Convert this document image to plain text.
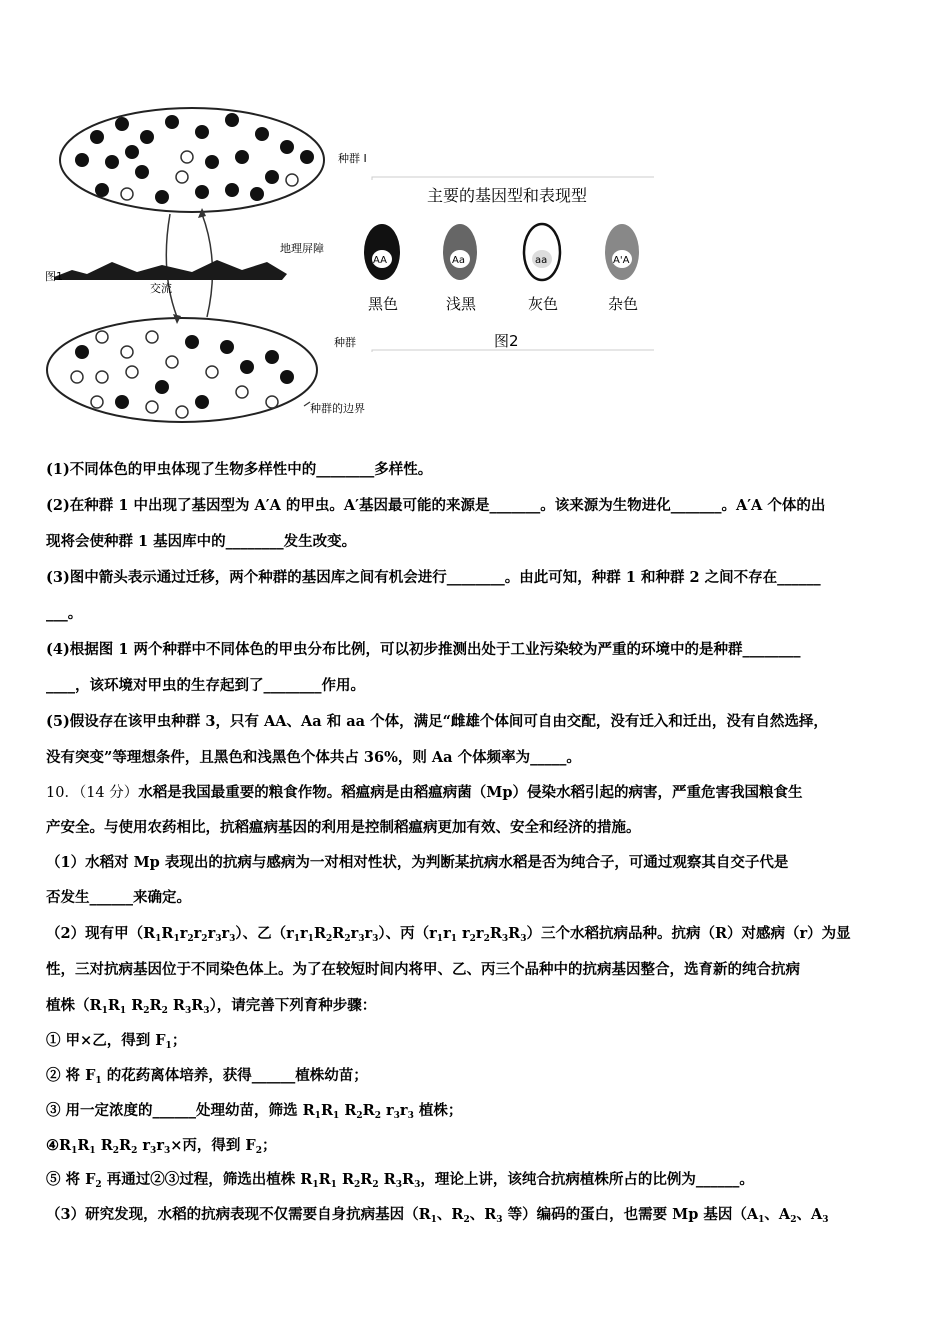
种群 I
图1
地理屏障
交流
种群
种群的边界
主要的基因型和表现型
AA
黑色
Aa
浅黑
aa
灰色
A'A
杂色
图2
(1)不同体色的甲虫体现了生物多样性中的________多样性。
(2)在种群 1 中出现了基因型为 A′A 的甲虫。A′基因最可能的来源是_______。该来源为生物进化_______。A′A 个体的出
现将会使种群 1 基因库中的________发生改变。
(3)图中箭头表示通过迁移，两个种群的基因库之间有机会进行________。由此可知，种群 1 和种群 2 之间不存在______
___。
(4)根据图 1 两个种群中不同体色的甲虫分布比例，可以初步推测出处于工业污染较为严重的环境中的是种群________
____，该环境对甲虫的生存起到了________作用。
(5)假设存在该甲虫种群 3，只有 AA、Aa 和 aa 个体，满足“雌雄个体间可自由交配，没有迁入和迁出，没有自然选择，
没有突变”等理想条件，且黑色和浅黑色个体共占 36%，则 Aa 个体频率为_____。
10．（14 分）水稻是我国最重要的粮食作物。稻瘟病是由稻瘟病菌（Mp）侵染水稻引起的病害，严重危害我国粮食生
产安全。与使用农药相比，抗稻瘟病基因的利用是控制稻瘟病更加有效、安全和经济的措施。
（1）水稻对 Mp 表现出的抗病与感病为一对相对性状，为判断某抗病水稻是否为纯合子，可通过观察其自交子代是
否发生______来确定。
（2）现有甲$(R_1R_1r_2r_2r_3r_3)$、乙$(r_1r_1R_2R_2r_3r_3)$、丙（$r_1r_1$ $r_2r_2R_3R_3$）三个水稻抗病品种。抗病（R）对感病（r）为显
性，三对抗病基因位于不同染色体上。为了在较短时间内将甲、乙、丙三个品种中的抗病基因整合，选育新的纯合抗病
植株（$R_1R_1$ $R_2R_2$ $R_3R_3$），请完善下列育种步骤：
① 甲×乙，得到 $F_1$；
② 将 $F_1$ 的花药离体培养，获得______植株幼苗；
③ 用一定浓度的______处理幼苗，筛选 $R_1R_1$ $R_2R_2$ $r_3r_3$ 植株；
$④R_1R_1$ $R_2R_2$ $r_3r_3\times$丙，得到 $F_2$；
⑤ 将 $F_2$ 再通过②③过程，筛选出植株 $R_1R_1$ $R_2R_2$ $R_3R_3$，理论上讲，该纯合抗病植株所占的比例为______。
（3）研究发现，水稻的抗病表现不仅需要自身抗病基因（$R_1$、$R_2$、$R_3$ 等）编码的蛋白，也需要 Mp 基因（$A_1$、$A_2$、$A_3$
